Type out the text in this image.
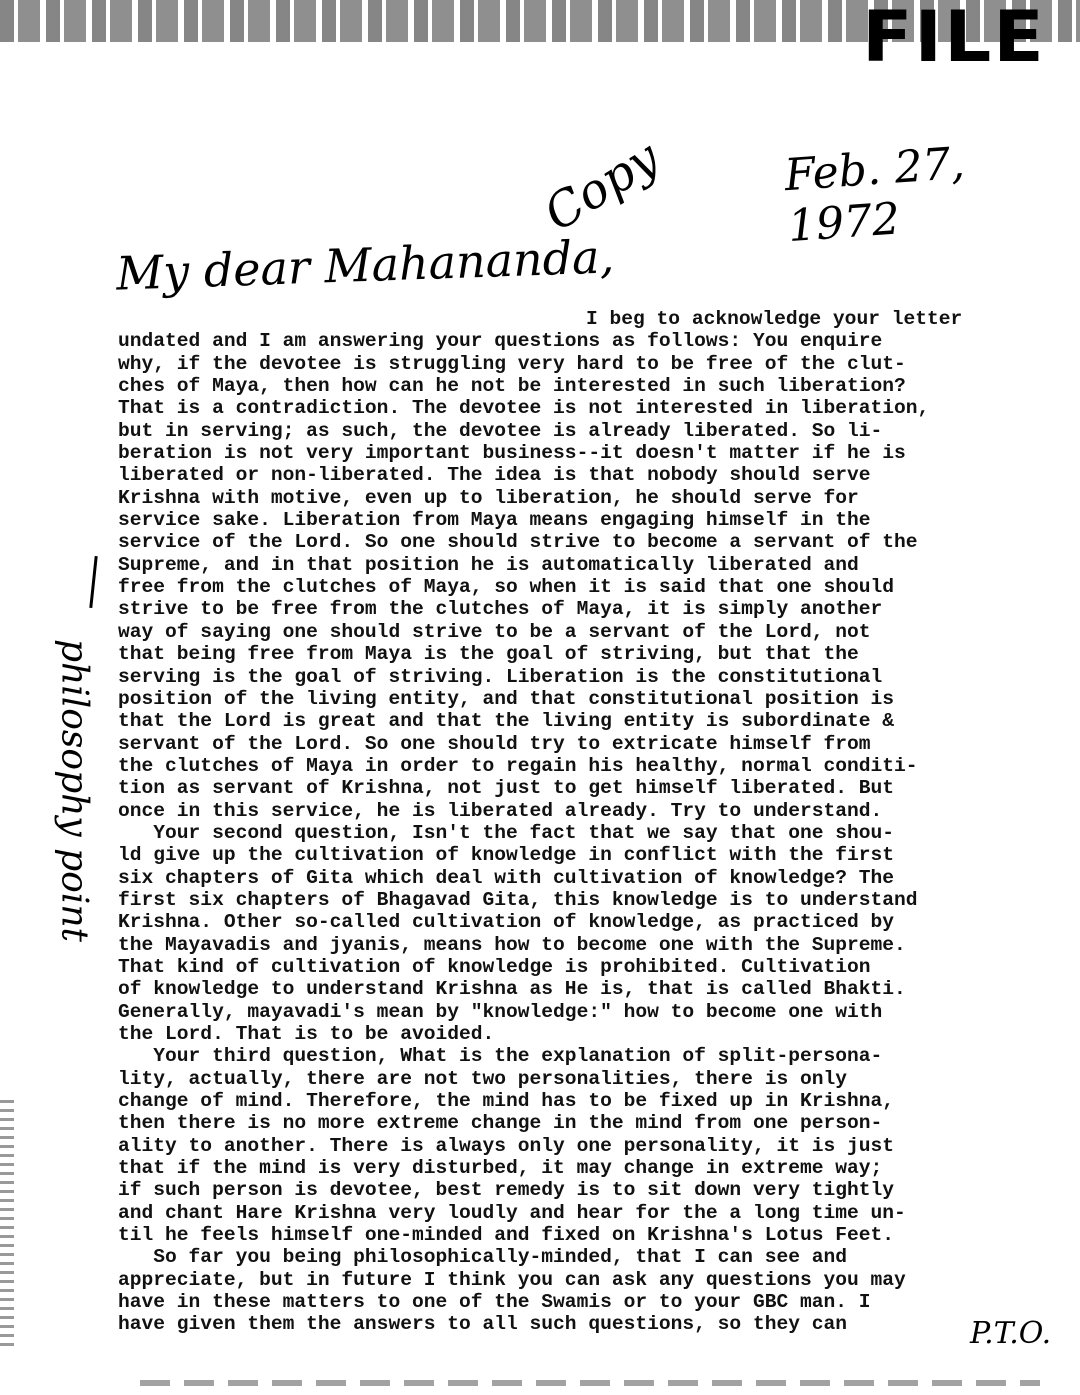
FILE
Copy	Feb. 27, 1972
My dear Mahananda,
philosophy point

I beg to acknowledge your letter

undated and I am answering your questions as follows: You enquire

why, if the devotee is struggling very hard to be free of the clut-

ches of Maya, then how can he not be interested in such liberation?

That is a contradiction. The devotee is not interested in liberation,

but in serving; as such, the devotee is already liberated. So li-

beration is not very important business--it doesn't matter if he is

liberated or non-liberated. The idea is that nobody should serve

Krishna with motive, even up to liberation, he should serve for

service sake. Liberation from Maya means engaging himself in the

service of the Lord. So one should strive to become a servant of the

Supreme, and in that position he is automatically liberated and

free from the clutches of Maya, so when it is said that one should

strive to be free from the clutches of Maya, it is simply another

way of saying one should strive to be a servant of the Lord, not

that being free from Maya is the goal of striving, but that the

serving is the goal of striving. Liberation is the constitutional

position of the living entity, and that constitutional position is

that the Lord is great and that the living entity is subordinate &

servant of the Lord. So one should try to extricate himself from

the clutches of Maya in order to regain his healthy, normal conditi-

tion as servant of Krishna, not just to get himself liberated. But

once in this service, he is liberated already. Try to understand.

Your second question, Isn't the fact that we say that one shou-

ld give up the cultivation of knowledge in conflict with the first

six chapters of Gita which deal with cultivation of knowledge? The

first six chapters of Bhagavad Gita, this knowledge is to understand

Krishna. Other so-called cultivation of knowledge, as practiced by

the Mayavadis and jyanis, means how to become one with the Supreme.

That kind of cultivation of knowledge is prohibited. Cultivation

of knowledge to understand Krishna as He is, that is called Bhakti.

Generally, mayavadi's mean by "knowledge:" how to become one with

the Lord. That is to be avoided.

Your third question, What is the explanation of split-persona-

lity, actually, there are not two personalities, there is only

change of mind. Therefore, the mind has to be fixed up in Krishna,

then there is no more extreme change in the mind from one person-

ality to another. There is always only one personality, it is just

that if the mind is very disturbed, it may change in extreme way;

if such person is devotee, best remedy is to sit down very tightly

and chant Hare Krishna very loudly and hear for the a long time un-

til he feels himself one-minded and fixed on Krishna's Lotus Feet.

So far you being philosophically-minded, that I can see and

appreciate, but in future I think you can ask any questions you may

have in these matters to one of the Swamis or to your GBC man. I

have given them the answers to all such questions, so they can	P.T.O.
